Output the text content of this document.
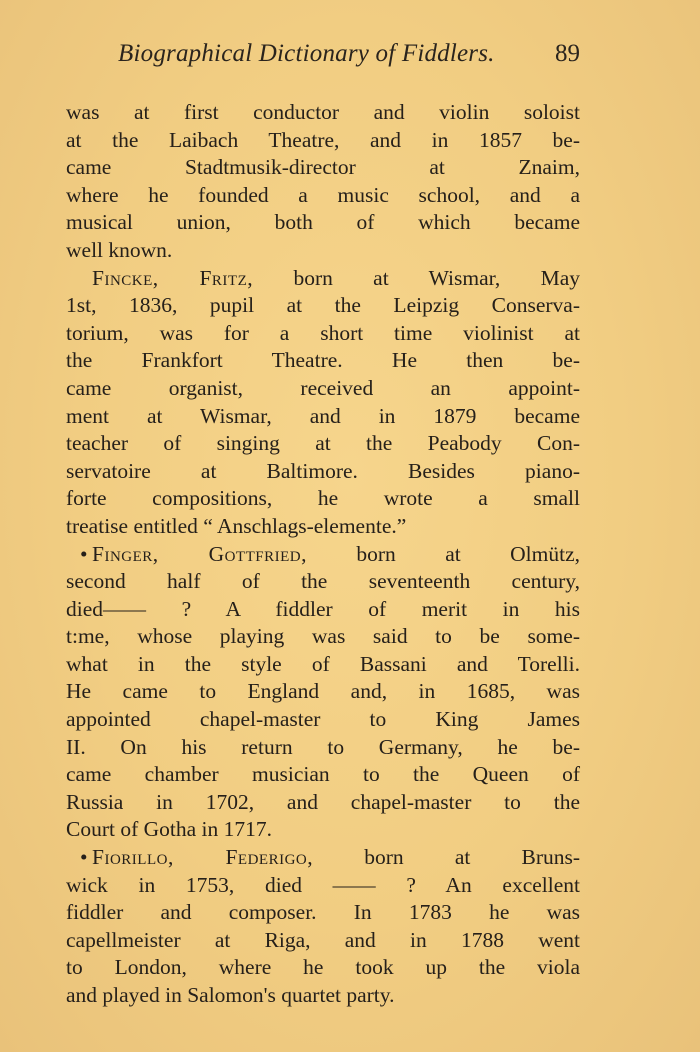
Biographical Dictionary of Fiddlers. 89
was at first conductor and violin soloist
at the Laibach Theatre, and in 1857 be-
came Stadtmusik-director at Znaim,
where he founded a music school, and a
musical union, both of which became
well known.
Fincke, Fritz, born at Wismar, May
1st, 1836, pupil at the Leipzig Conserva-
torium, was for a short time violinist at
the Frankfort Theatre. He then be-
came organist, received an appoint-
ment at Wismar, and in 1879 became
teacher of singing at the Peabody Con-
servatoire at Baltimore. Besides piano-
forte compositions, he wrote a small
treatise entitled “ Anschlags-elemente.”
• Finger, Gottfried, born at Olmütz,
second half of the seventeenth century,
died—— ? A fiddler of merit in his
t:me, whose playing was said to be some-
what in the style of Bassani and Torelli.
He came to England and, in 1685, was
appointed chapel-master to King James
II. On his return to Germany, he be-
came chamber musician to the Queen of
Russia in 1702, and chapel-master to the
Court of Gotha in 1717.
• Fiorillo, Federigo, born at Bruns-
wick in 1753, died —— ? An excellent
fiddler and composer. In 1783 he was
capellmeister at Riga, and in 1788 went
to London, where he took up the viola
and played in Salomon's quartet party.
